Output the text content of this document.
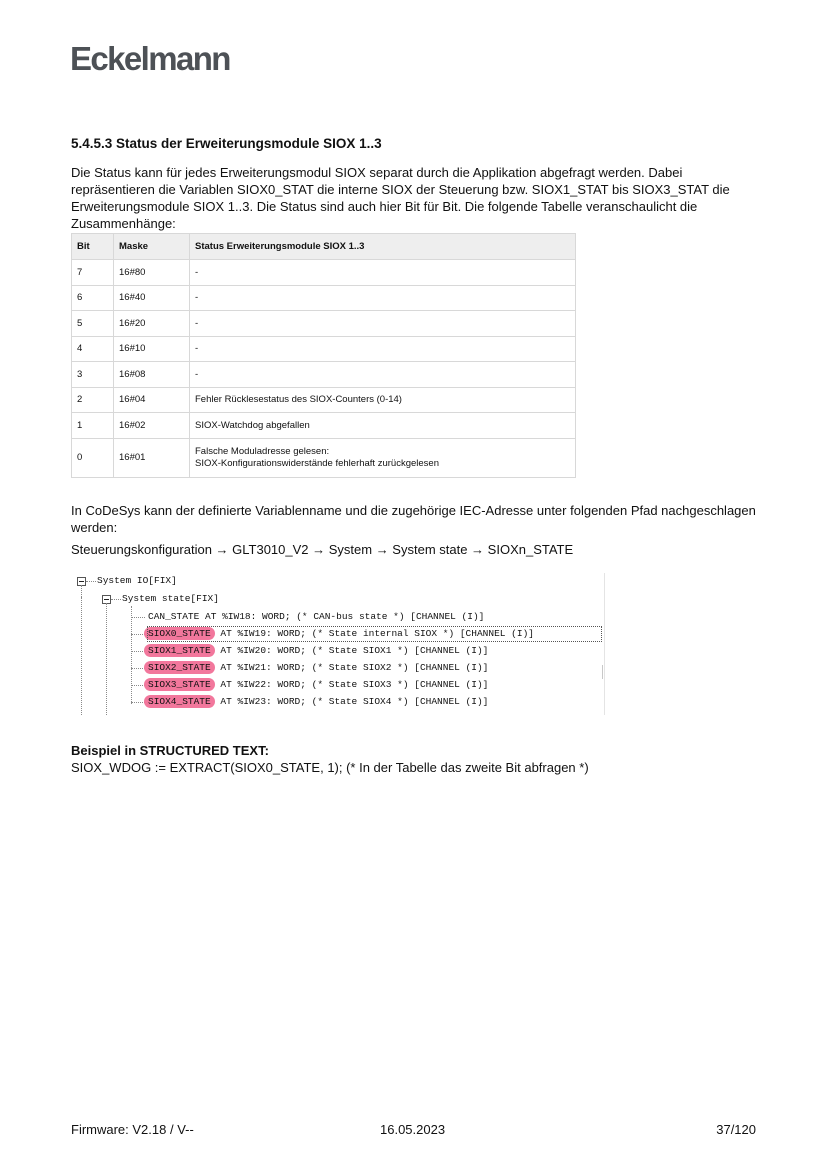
Eckelmann
5.4.5.3 Status der Erweiterungsmodule SIOX 1..3
Die Status kann für jedes Erweiterungsmodul SIOX separat durch die Applikation abgefragt werden. Dabei repräsentieren die Variablen SIOX0_STAT die interne SIOX der Steuerung bzw. SIOX1_STAT bis SIOX3_STAT die Erweiterungsmodule SIOX 1..3. Die Status sind auch hier Bit für Bit. Die folgende Tabelle veranschaulicht die Zusammenhänge:
Bit	Maske	Status Erweiterungsmodule SIOX 1..3
7	16#80	-
6	16#40	-
5	16#20	-
4	16#10	-
3	16#08	-
2	16#04	Fehler Rücklesestatus des SIOX-Counters (0-14)
1	16#02	SIOX-Watchdog abgefallen
0	16#01	Falsche Moduladresse gelesen:
SIOX-Konfigurationswiderstände fehlerhaft zurückgelesen
In CoDeSys kann der definierte Variablenname und die zugehörige IEC-Adresse unter folgenden Pfad nachgeschlagen werden:
Steuerungskonfiguration → GLT3010_V2 → System → System state → SIOXn_STATE
System IO[FIX]
System state[FIX]
CAN_STATE AT %IW18: WORD; (* CAN-bus state *) [CHANNEL (I)]
SIOX0_STATE AT %IW19: WORD; (* State internal SIOX *) [CHANNEL (I)]
SIOX1_STATE AT %IW20: WORD; (* State SIOX1 *) [CHANNEL (I)]
SIOX2_STATE AT %IW21: WORD; (* State SIOX2 *) [CHANNEL (I)]
SIOX3_STATE AT %IW22: WORD; (* State SIOX3 *) [CHANNEL (I)]
SIOX4_STATE AT %IW23: WORD; (* State SIOX4 *) [CHANNEL (I)]
Beispiel in STRUCTURED TEXT:
SIOX_WDOG := EXTRACT(SIOX0_STATE, 1); (* In der Tabelle das zweite Bit abfragen *)
Firmware: V2.18 / V--	16.05.2023	37/120
